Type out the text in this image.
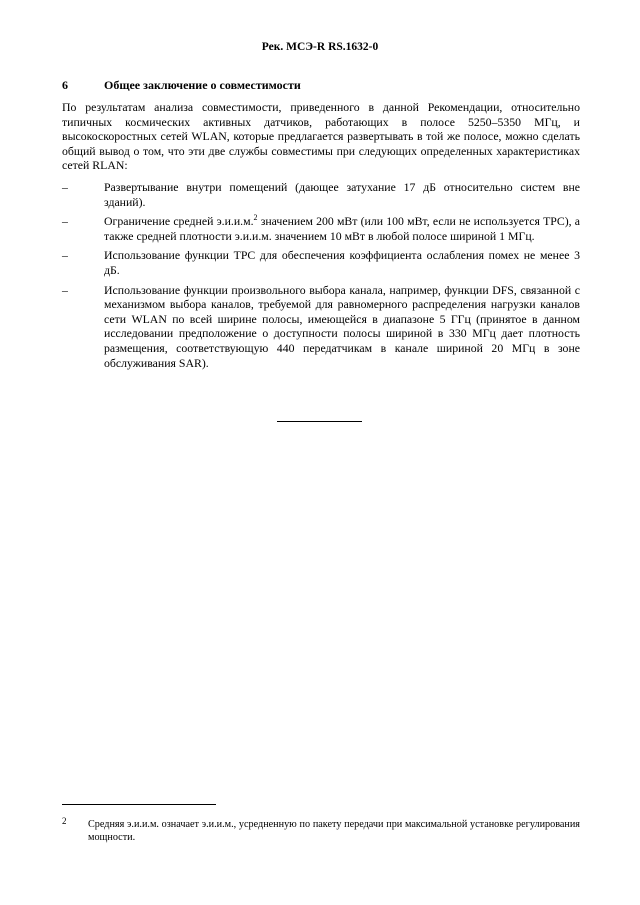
Рек. МСЭ-R RS.1632-0
6	Общее заключение о совместимости
По результатам анализа совместимости, приведенного в данной Рекомендации, относительно типичных космических активных датчиков, работающих в полосе 5250–5350 МГц, и высокоскоростных сетей WLAN, которые предлагается развертывать в той же полосе, можно сделать общий вывод о том, что эти две службы совместимы при следующих определенных характеристиках сетей RLAN:
–	Развертывание внутри помещений (дающее затухание 17 дБ относительно систем вне зданий).
–	Ограничение средней э.и.и.м.$^2$ значением 200 мВт (или 100 мВт, если не используется TPC), а также средней плотности э.и.и.м. значением 10 мВт в любой полосе шириной 1 МГц.
–	Использование функции TPC для обеспечения коэффициента ослабления помех не менее 3 дБ.
–	Использование функции произвольного выбора канала, например, функции DFS, связанной с механизмом выбора каналов, требуемой для равномерного распределения нагрузки каналов сети WLAN по всей ширине полосы, имеющейся в диапазоне 5 ГГц (принятое в данном исследовании предположение о доступности полосы шириной в 330 МГц дает плотность размещения, соответствующую 440 передатчикам в канале шириной 20 МГц в зоне обслуживания SAR).
2	Средняя э.и.и.м. означает э.и.и.м., усредненную по пакету передачи при максимальной установке регулирования мощности.
